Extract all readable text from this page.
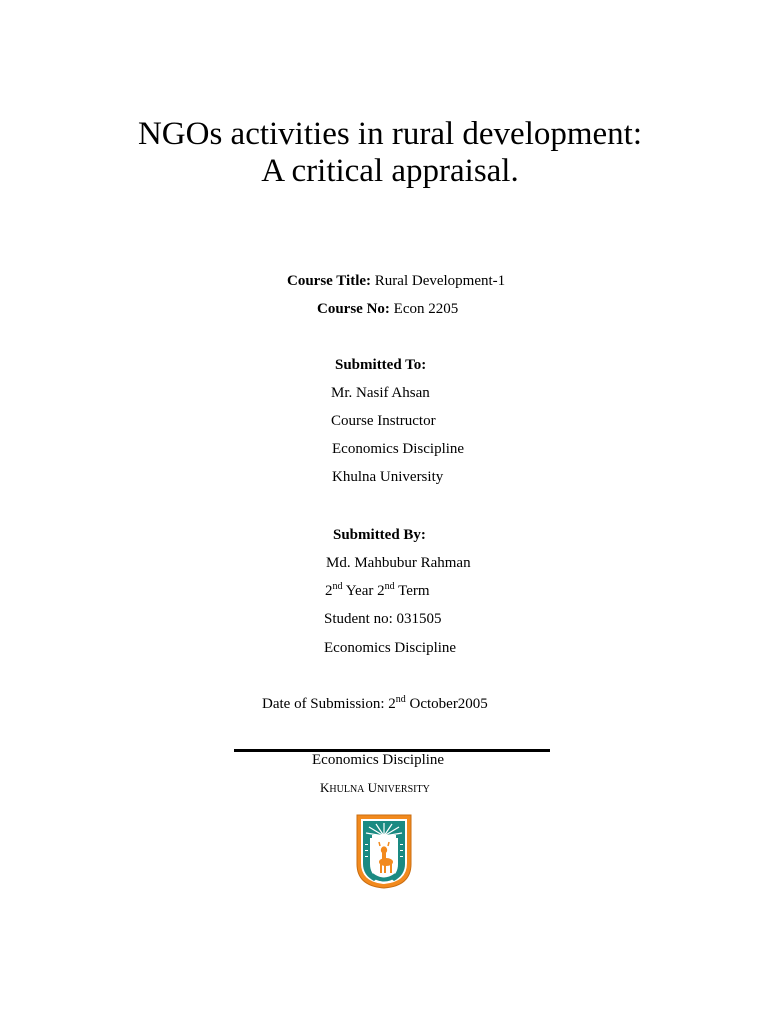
NGOs activities in rural development:
A critical appraisal.
Course Title: Rural Development-1
Course No: Econ 2205
Submitted To:
Mr. Nasif Ahsan
Course Instructor
Economics Discipline
Khulna University
Submitted By:
Md. Mahbubur Rahman
2nd Year 2nd Term
Student no: 031505
Economics Discipline
Date of Submission: 2nd October2005
Economics Discipline
KHULNA UNIVERSITY
